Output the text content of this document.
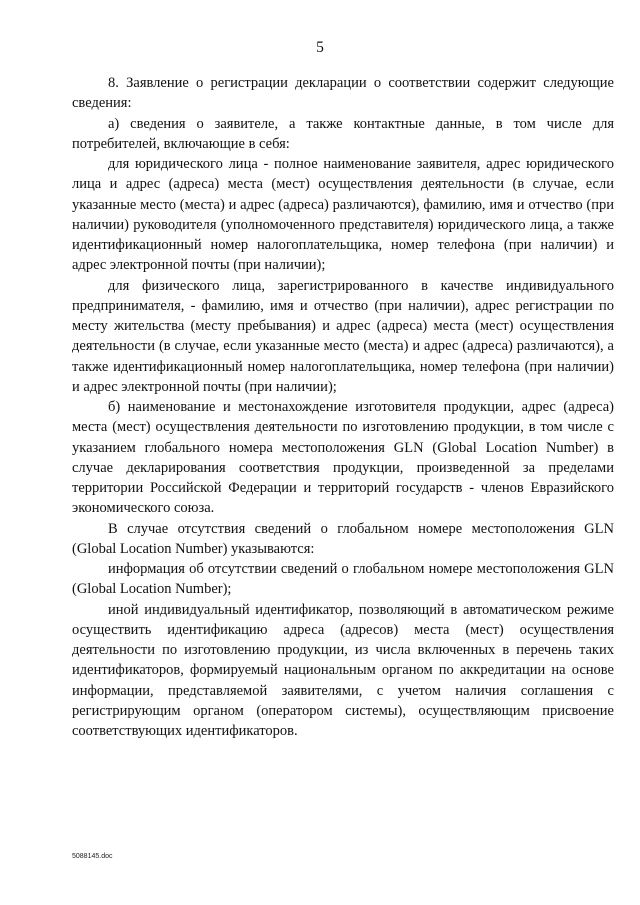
5

8. Заявление о регистрации декларации о соответствии содержит следующие сведения:

а) сведения о заявителе, а также контактные данные, в том числе для потребителей, включающие в себя:

для юридического лица - полное наименование заявителя, адрес юридического лица и адрес (адреса) места (мест) осуществления деятельности (в случае, если указанные место (места) и адрес (адреса) различаются), фамилию, имя и отчество (при наличии) руководителя (уполномоченного представителя) юридического лица, а также идентификационный номер налогоплательщика, номер телефона (при наличии) и адрес электронной почты (при наличии);

для физического лица, зарегистрированного в качестве индивидуального предпринимателя, - фамилию, имя и отчество (при наличии), адрес регистрации по месту жительства (месту пребывания) и адрес (адреса) места (мест) осуществления деятельности (в случае, если указанные место (места) и адрес (адреса) различаются), а также идентификационный номер налогоплательщика, номер телефона (при наличии) и адрес электронной почты (при наличии);

б) наименование и местонахождение изготовителя продукции, адрес (адреса) места (мест) осуществления деятельности по изготовлению продукции, в том числе с указанием глобального номера местоположения GLN (Global Location Number) в случае декларирования соответствия продукции, произведенной за пределами территории Российской Федерации и территорий государств - членов Евразийского экономического союза.

В случае отсутствия сведений о глобальном номере местоположения GLN (Global Location Number) указываются:

информация об отсутствии сведений о глобальном номере местоположения GLN (Global Location Number);

иной индивидуальный идентификатор, позволяющий в автоматическом режиме осуществить идентификацию адреса (адресов) места (мест) осуществления деятельности по изготовлению продукции, из числа включенных в перечень таких идентификаторов, формируемый национальным органом по аккредитации на основе информации, представляемой заявителями, с учетом наличия соглашения с регистрирующим органом (оператором системы), осуществляющим присвоение соответствующих идентификаторов.

5088145.doc
